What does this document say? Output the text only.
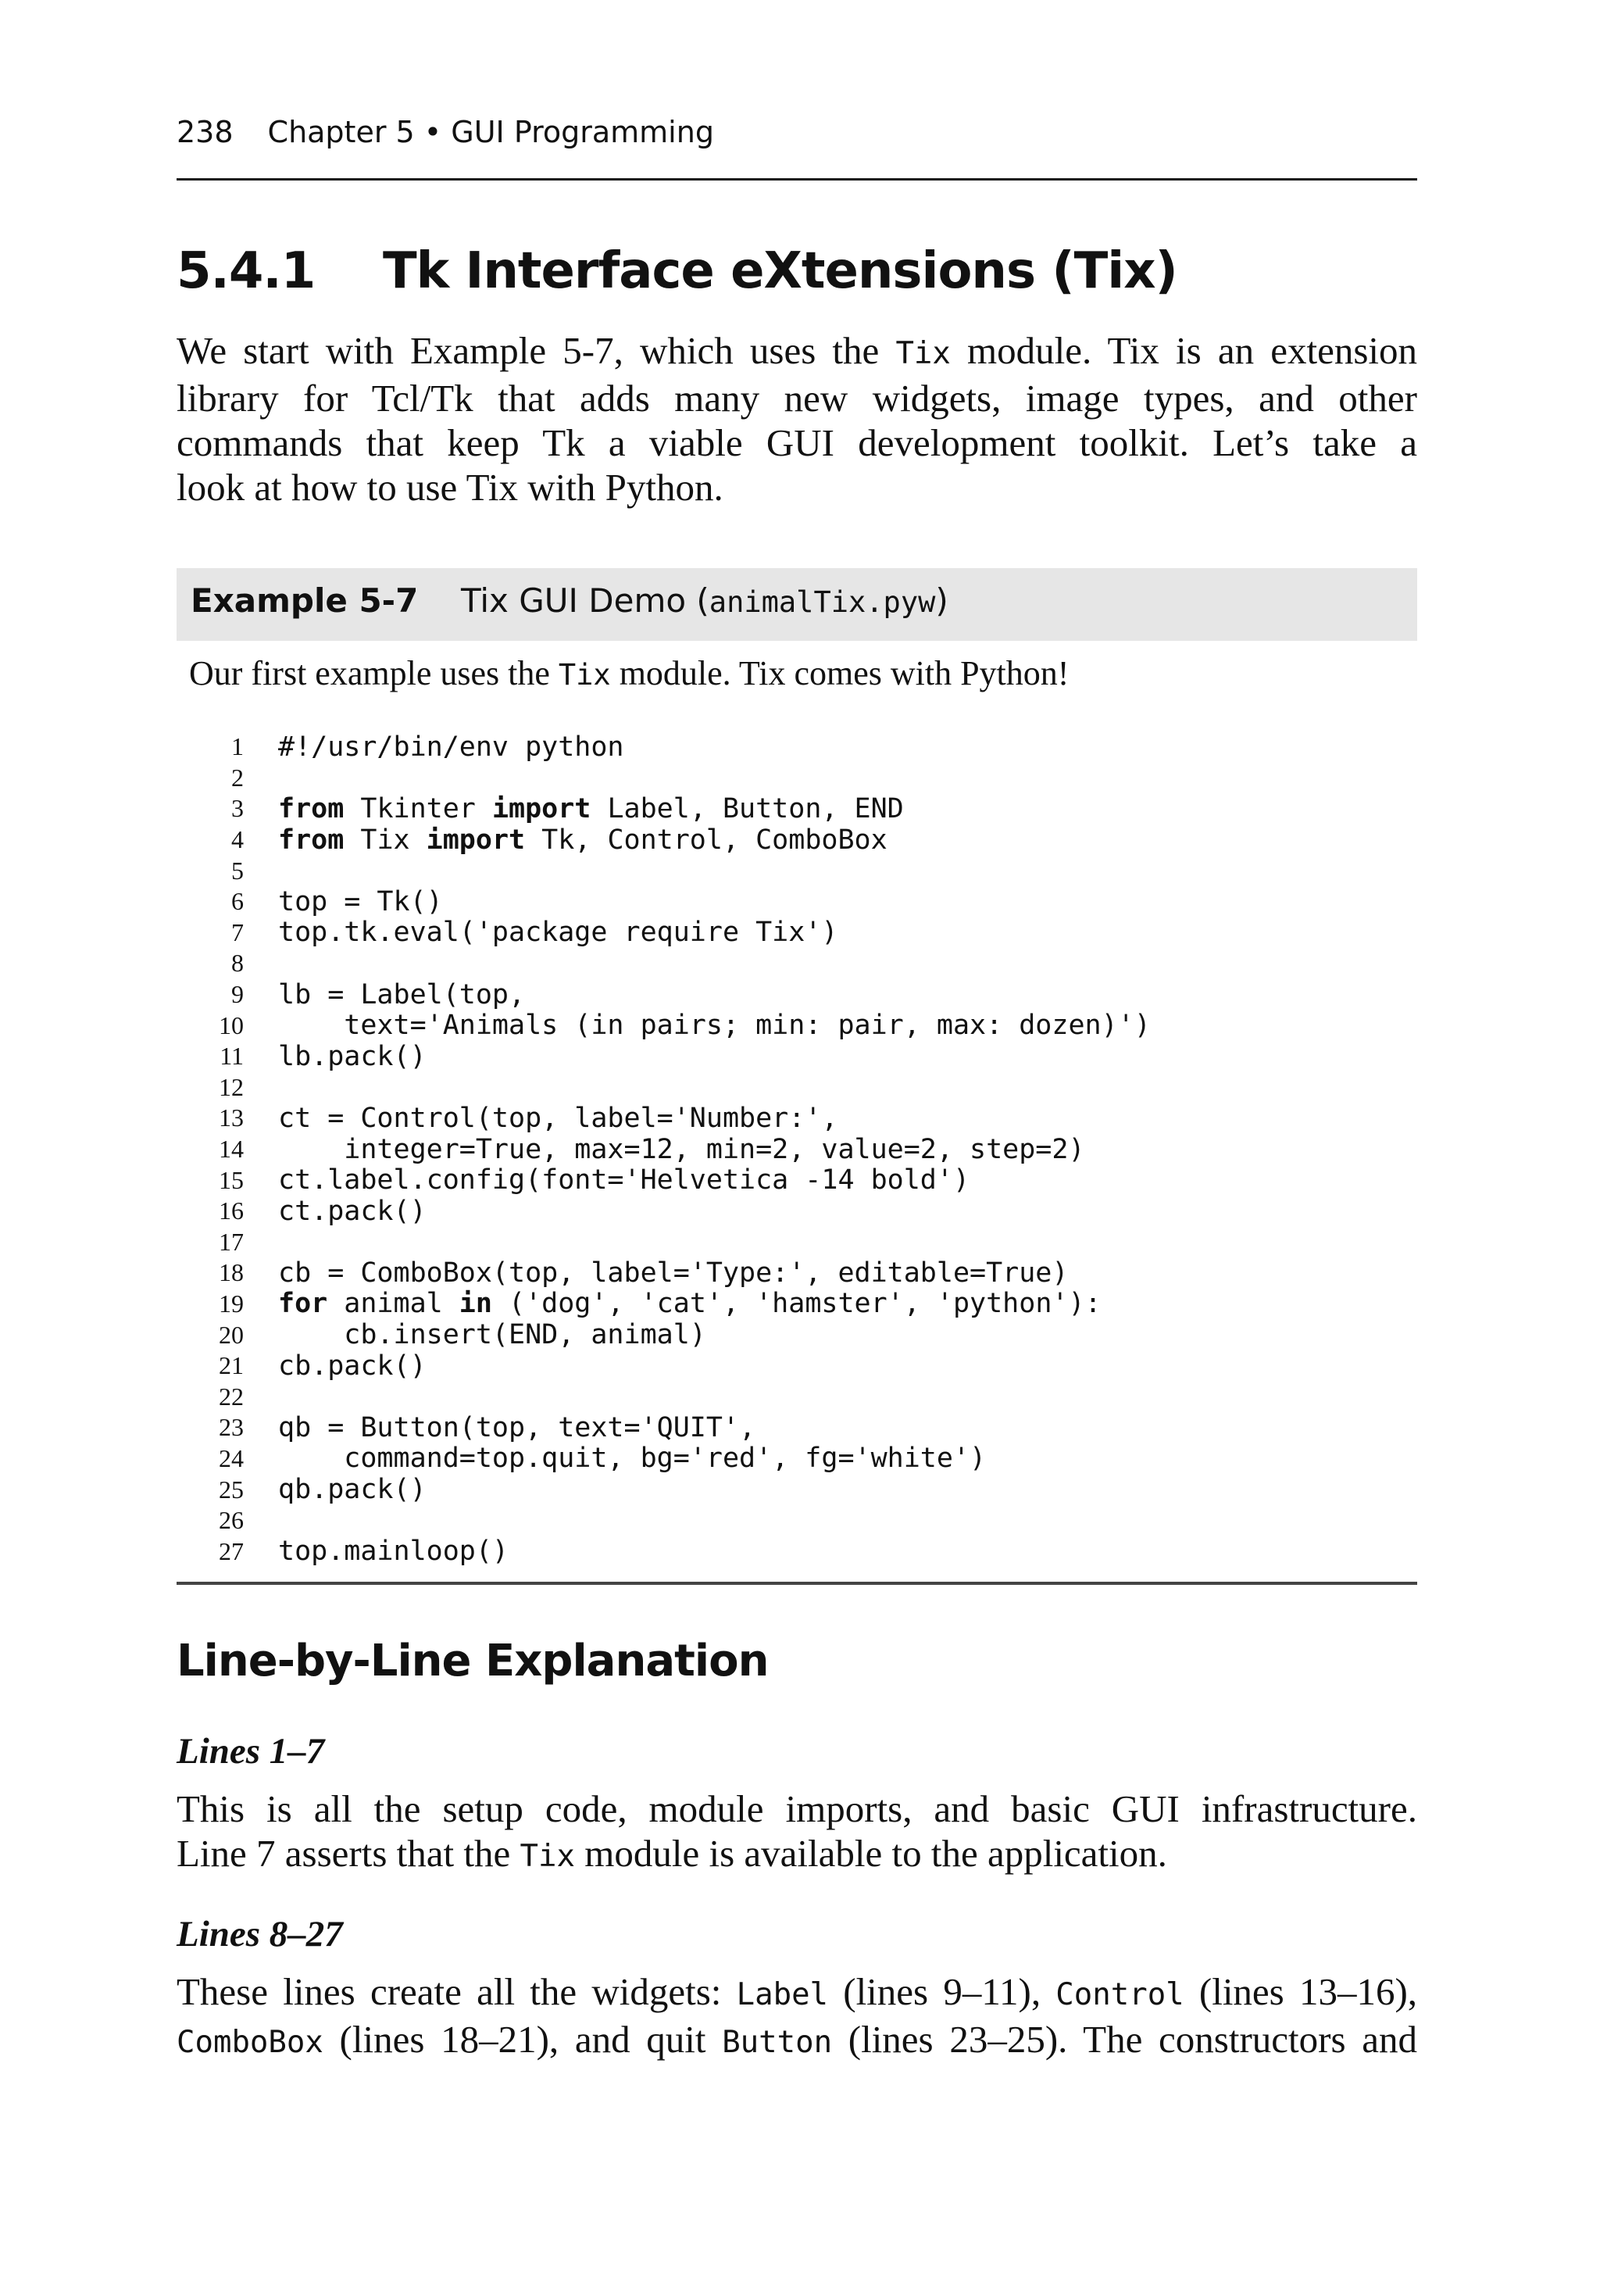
238 Chapter 5 • GUI Programming
5.4.1 Tk Interface eXtensions (Tix)

We start with Example 5-7, which uses the Tix module. Tix is an extension
library for Tcl/Tk that adds many new widgets, image types, and other
commands that keep Tk a viable GUI development toolkit. Let’s take a
look at how to use Tix with Python.

Example 5-7 Tix GUI Demo (animalTix.pyw)
Our first example uses the Tix module. Tix comes with Python!
1	#!/usr/bin/env python
2
3	from Tkinter import Label, Button, END
4	from Tix import Tk, Control, ComboBox
5
6	top = Tk()
7	top.tk.eval('package require Tix')
8
9	lb = Label(top,
10	text='Animals (in pairs; min: pair, max: dozen)')
11	lb.pack()
12
13	ct = Control(top, label='Number:',
14	integer=True, max=12, min=2, value=2, step=2)
15	ct.label.config(font='Helvetica -14 bold')
16	ct.pack()
17
18	cb = ComboBox(top, label='Type:', editable=True)
19	for animal in ('dog', 'cat', 'hamster', 'python'):
20	cb.insert(END, animal)
21	cb.pack()
22
23	qb = Button(top, text='QUIT',
24	command=top.quit, bg='red', fg='white')
25	qb.pack()
26
27	top.mainloop()
Line-by-Line Explanation
Lines 1–7

This is all the setup code, module imports, and basic GUI infrastructure.
Line 7 asserts that the Tix module is available to the application.

Lines 8–27

These lines create all the widgets: Label (lines 9–11), Control (lines 13–16),
ComboBox (lines 18–21), and quit Button (lines 23–25). The constructors and
